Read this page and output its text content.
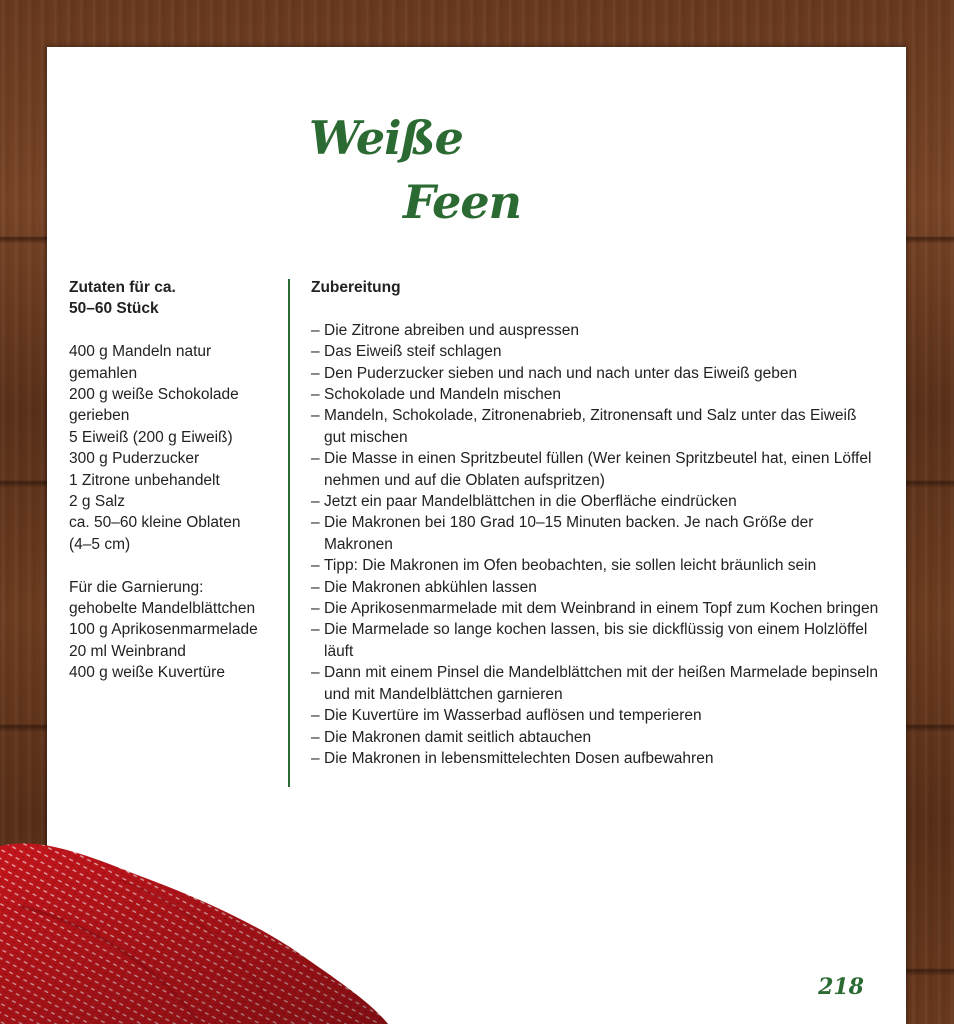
Weiße
Feen
Zutaten für ca.
50–60 Stück
400 g Mandeln natur
gemahlen
200 g weiße Schokolade
gerieben
5 Eiweiß (200 g Eiweiß)
300 g Puderzucker
1 Zitrone unbehandelt
2 g Salz
ca. 50–60 kleine Oblaten
(4–5 cm)
Für die Garnierung:
gehobelte Mandelblättchen
100 g Aprikosenmarmelade
20 ml Weinbrand
400 g weiße Kuvertüre
Zubereitung
– Die Zitrone abreiben und auspressen
– Das Eiweiß steif schlagen
– Den Puderzucker sieben und nach und nach unter das Eiweiß geben
– Schokolade und Mandeln mischen
– Mandeln, Schokolade, Zitronenabrieb, Zitronensaft und Salz unter das Eiweiß gut mischen
– Die Masse in einen Spritzbeutel füllen (Wer keinen Spritzbeutel hat, einen Löffel nehmen und auf die Oblaten aufspritzen)
– Jetzt ein paar Mandelblättchen in die Oberfläche eindrücken
– Die Makronen bei 180 Grad 10–15 Minuten backen. Je nach Größe der Makronen
– Tipp: Die Makronen im Ofen beobachten, sie sollen leicht bräunlich sein
– Die Makronen abkühlen lassen
– Die Aprikosenmarmelade mit dem Weinbrand in einem Topf zum Kochen bringen
– Die Marmelade so lange kochen lassen, bis sie dickflüssig von einem Holzlöffel läuft
– Dann mit einem Pinsel die Mandelblättchen mit der heißen Marmelade bepinseln und mit Mandelblättchen garnieren
– Die Kuvertüre im Wasserbad auflösen und temperieren
– Die Makronen damit seitlich abtauchen
– Die Makronen in lebensmittelechten Dosen aufbewahren
218
